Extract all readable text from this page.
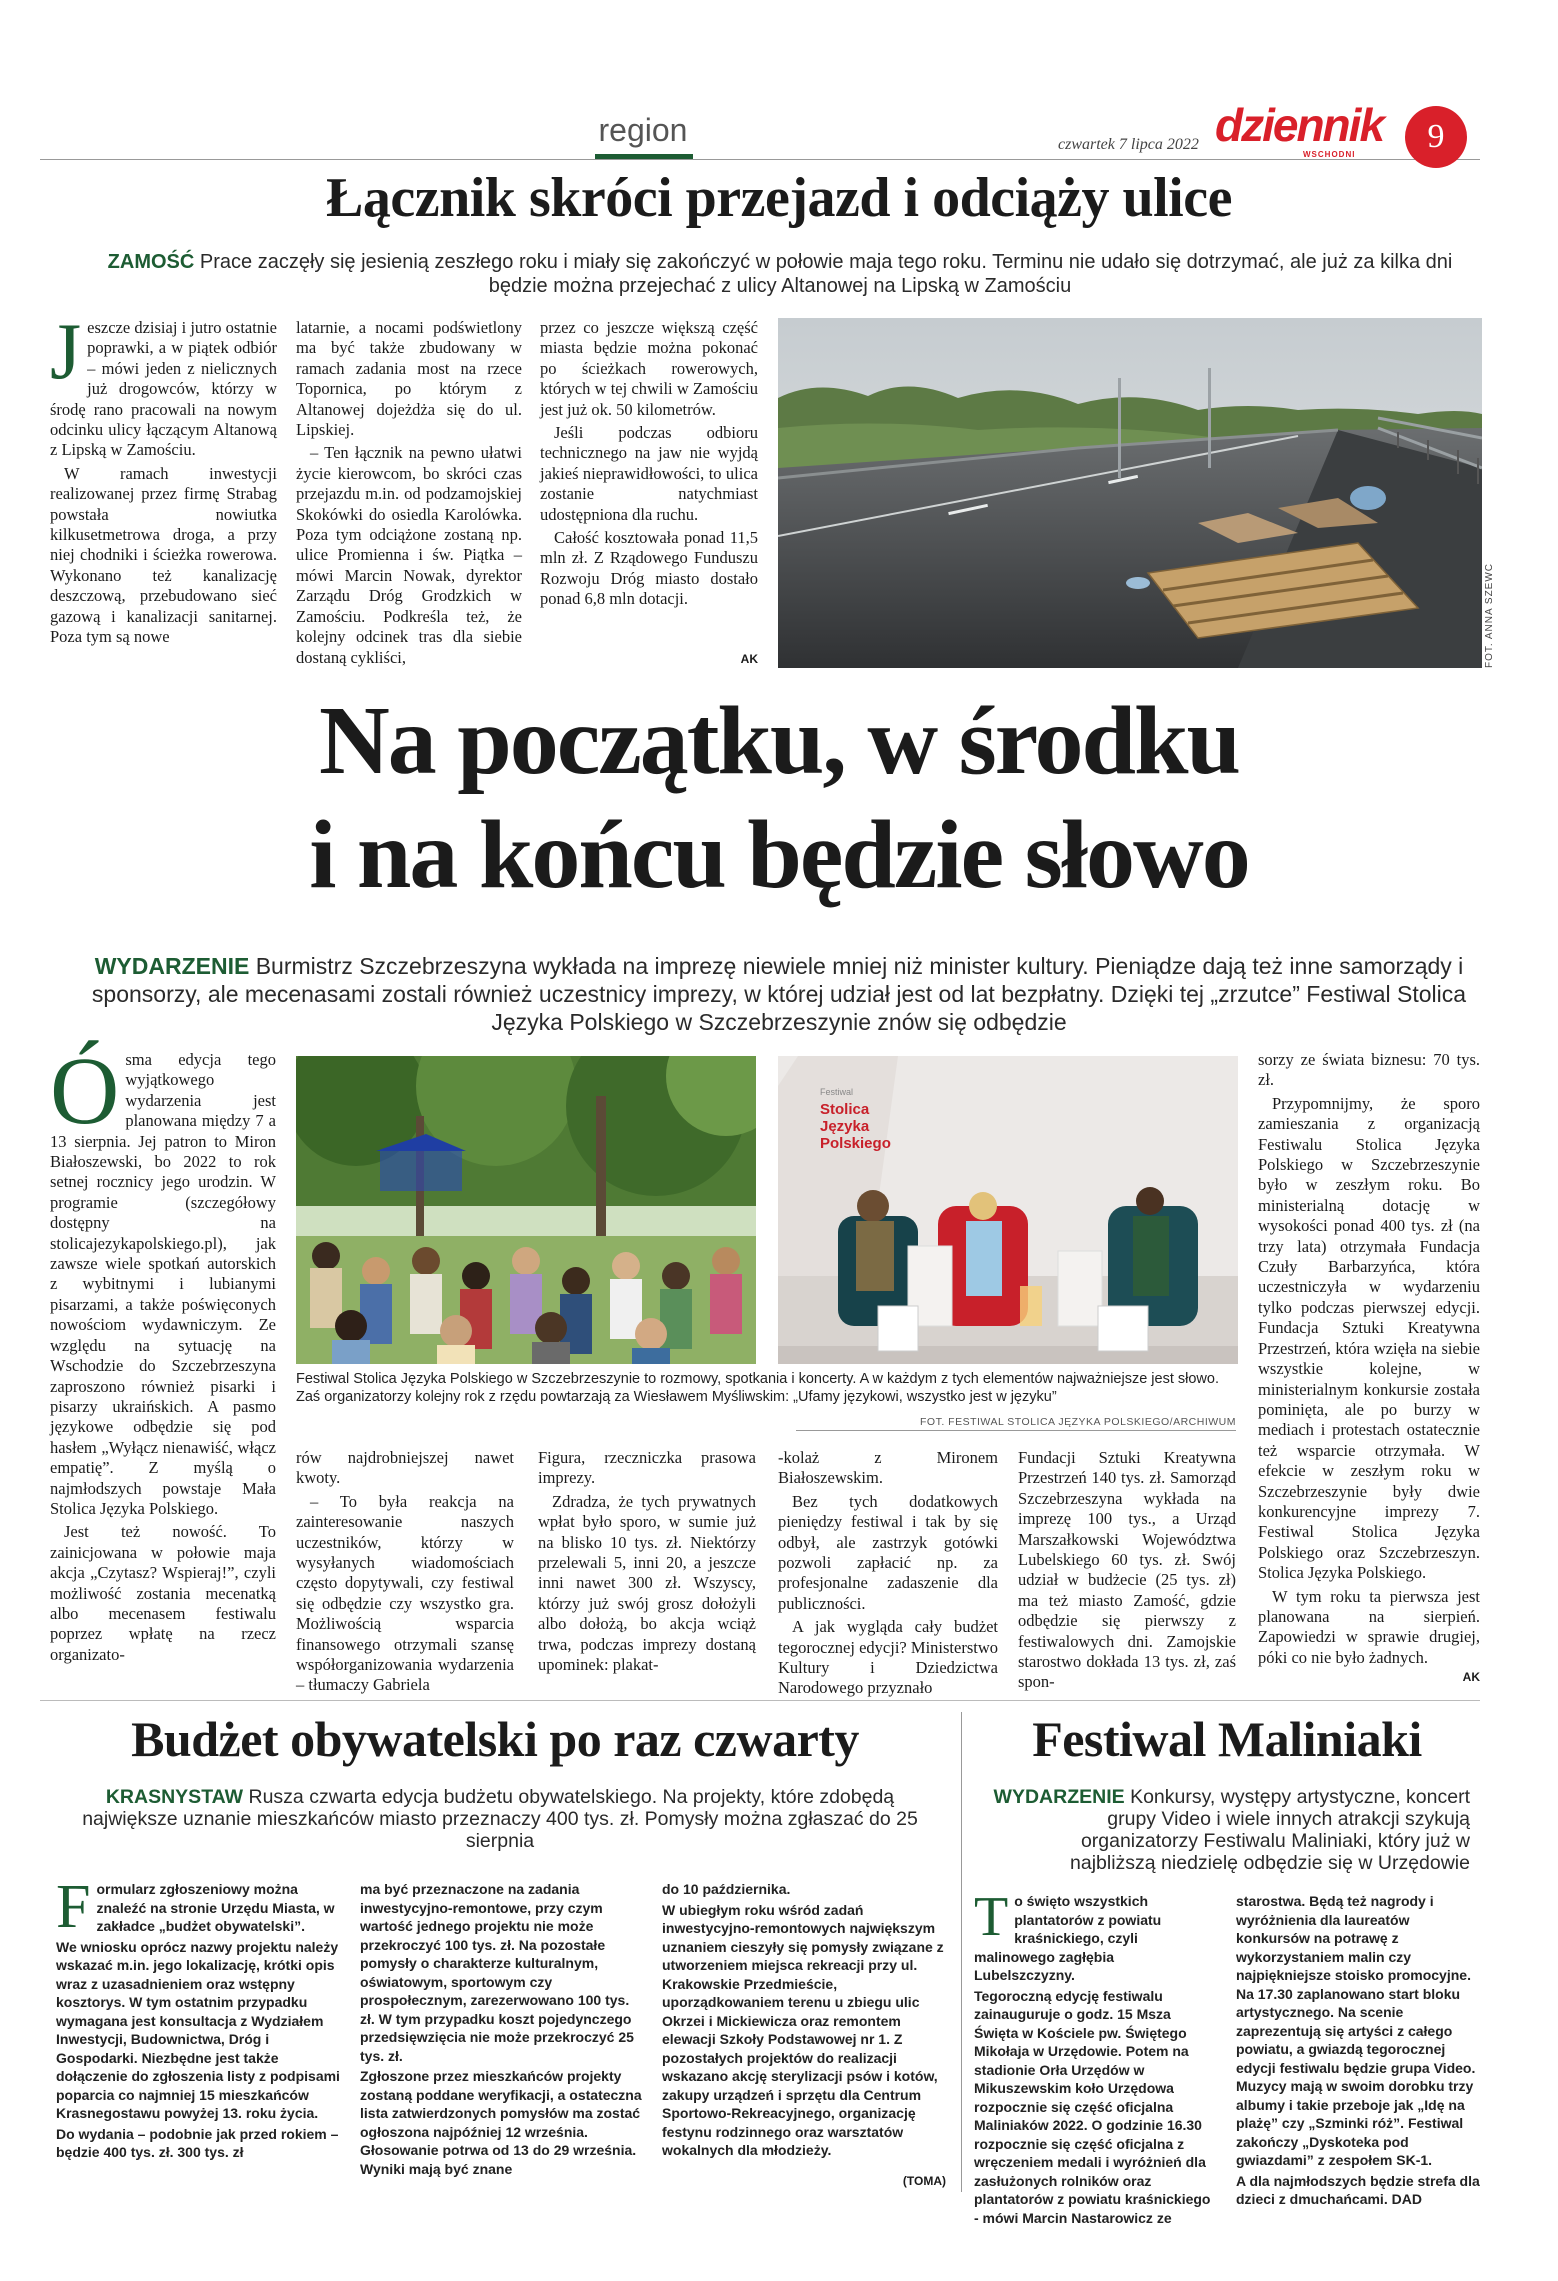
region	czwartek 7 lipca 2022 dziennik
WSCHODNI	9
Łącznik skróci przejazd i odciąży ulice
ZAMOŚĆ Prace zaczęły się jesienią zeszłego roku i miały się zakończyć w połowie maja tego roku. Terminu nie udało się dotrzymać, ale już za kilka dni będzie można przejechać z ulicy Altanowej na Lipską w Zamościu
J eszcze dzisiaj i jutro ostatnie poprawki, a w piątek odbiór – mówi jeden z nielicznych już drogowców, którzy w środę rano pracowali na nowym odcinku ulicy łączącym Altanową z Lipską w Zamościu.

W ramach inwestycji realizowanej przez firmę Strabag powstała nowiutka kilkusetmetrowa droga, a przy niej chodniki i ścieżka rowerowa. Wykonano też kanalizację deszczową, przebudowano sieć gazową i kanalizacji sanitarnej. Poza tym są nowe

latarnie, a nocami podświetlony ma być także zbudowany w ramach zadania most na rzece Topornica, po którym z Altanowej dojeżdża się do ul. Lipskiej.

– Ten łącznik na pewno ułatwi życie kierowcom, bo skróci czas przejazdu m.in. od podzamojskiej Skokówki do osiedla Karolówka. Poza tym odciążone zostaną np. ulice Promienna i św. Piątka – mówi Marcin Nowak, dyrektor Zarządu Dróg Grodzkich w Zamościu. Podkreśla też, że kolejny odcinek tras dla siebie dostaną cykliści,

przez co jeszcze większą część miasta będzie można pokonać po ścieżkach rowerowych, których w tej chwili w Zamościu jest już ok. 50 kilometrów.

Jeśli podczas odbioru technicznego na jaw nie wyjdą jakieś nieprawidłowości, to ulica zostanie natychmiast udostępniona dla ruchu.

Całość kosztowała ponad 11,5 mln zł. Z Rządowego Funduszu Rozwoju Dróg miasto dostało ponad 6,8 mln dotacji.

AK	FOT. ANNA SZEWC
Na początku, w środku
i na końcu będzie słowo
WYDARZENIE Burmistrz Szczebrzeszyna wykłada na imprezę niewiele mniej niż minister kultury. Pieniądze dają też inne samorządy i sponsorzy, ale mecenasami zostali również uczestnicy imprezy, w której udział jest od lat bezpłatny. Dzięki tej „zrzutce” Festiwal Stolica Języka Polskiego w Szczebrzeszynie znów się odbędzie
Ó sma edycja tego wyjątkowego wydarzenia jest planowana między 7 a 13 sierpnia. Jej patron to Miron Białoszewski, bo 2022 to rok setnej rocznicy jego urodzin. W programie (szczegółowy dostępny na stolicajezykapolskiego.pl), jak zawsze wiele spotkań autorskich z wybitnymi i lubianymi pisarzami, a także poświęconych nowościom wydawniczym. Ze względu na sytuację na Wschodzie do Szczebrzeszyna zaproszono również pisarki i pisarzy ukraińskich. A pasmo językowe odbędzie się pod hasłem „Wyłącz nienawiść, włącz empatię”. Z myślą o najmłodszych powstaje Mała Stolica Języka Polskiego.

Jest też nowość. To zainicjowana w połowie maja akcja „Czytasz? Wspieraj!”, czyli możliwość zostania mecenatką albo mecenasem festiwalu poprzez wpłatę na rzecz organizato-

Festiwal
Stolica
Języka
Polskiego
Festiwal Stolica Języka Polskiego w Szczebrzeszynie to rozmowy, spotkania i koncerty. A w każdym z tych elementów najważniejsze jest słowo. Zaś organizatorzy kolejny rok z rzędu powtarzają za Wiesławem Myśliwskim: „Ufamy językowi, wszystko jest w języku”
FOT. FESTIWAL STOLICA JĘZYKA POLSKIEGO/ARCHIWUM

rów najdrobniejszej nawet kwoty.

– To była reakcja na zainteresowanie naszych uczestników, którzy w wysyłanych wiadomościach często dopytywali, czy festiwal się odbędzie czy wszystko gra. Możliwością wsparcia finansowego otrzymali szansę współorganizowania wydarzenia – tłumaczy Gabriela

Figura, rzeczniczka prasowa imprezy.

Zdradza, że tych prywatnych wpłat było sporo, w sumie już na blisko 10 tys. zł. Niektórzy przelewali 5, inni 20, a jeszcze inni nawet 300 zł. Wszyscy, którzy już swój grosz dołożyli albo dołożą, bo akcja wciąż trwa, podczas imprezy dostaną upominek: plakat-

-kolaż z Mironem Białoszewskim.

Bez tych dodatkowych pieniędzy festiwal i tak by się odbył, ale zastrzyk gotówki pozwoli zapłacić np. za profesjonalne zadaszenie dla publiczności.

A jak wygląda cały budżet tegorocznej edycji? Ministerstwo Kultury i Dziedzictwa Narodowego przyznało

Fundacji Sztuki Kreatywna Przestrzeń 140 tys. zł. Samorząd Szczebrzeszyna wykłada na imprezę 100 tys., a Urząd Marszałkowski Województwa Lubelskiego 60 tys. zł. Swój udział w budżecie (25 tys. zł) ma też miasto Zamość, gdzie odbędzie się pierwszy z festiwalowych dni. Zamojskie starostwo dokłada 13 tys. zł, zaś spon-

sorzy ze świata biznesu: 70 tys. zł.

Przypomnijmy, że sporo zamieszania z organizacją Festiwalu Stolica Języka Polskiego w Szczebrzeszynie było w zeszłym roku. Bo ministerialną dotację w wysokości ponad 400 tys. zł (na trzy lata) otrzymała Fundacja Czuły Barbarzyńca, która uczestniczyła w wydarzeniu tylko podczas pierwszej edycji. Fundacja Sztuki Kreatywna Przestrzeń, która wzięła na siebie wszystkie kolejne, w ministerialnym konkursie została pominięta, ale po burzy w mediach i protestach ostatecznie też wsparcie otrzymała. W efekcie w zeszłym roku w Szczebrzeszynie były dwie konkurencyjne imprezy 7. Festiwal Stolica Języka Polskiego oraz Szczebrzeszyn. Stolica Języka Polskiego.

W tym roku ta pierwsza jest planowana na sierpień. Zapowiedzi w sprawie drugiej, póki co nie było żadnych.

AK
Budżet obywatelski po raz czwarty
KRASNYSTAW Rusza czwarta edycja budżetu obywatelskiego. Na projekty, które zdobędą największe uznanie mieszkańców miasto przeznaczy 400 tys. zł. Pomysły można zgłaszać do 25 sierpnia
F ormularz zgłoszeniowy można znaleźć na stronie Urzędu Miasta, w zakładce „budżet obywatelski”.

We wniosku oprócz nazwy projektu należy wskazać m.in. jego lokalizację, krótki opis wraz z uzasadnieniem oraz wstępny kosztorys. W tym ostatnim przypadku wymagana jest konsultacja z Wydziałem Inwestycji, Budownictwa, Dróg i Gospodarki. Niezbędne jest także dołączenie do zgłoszenia listy z podpisami poparcia co najmniej 15 mieszkańców Krasnegostawu powyżej 13. roku życia.

Do wydania – podobnie jak przed rokiem – będzie 400 tys. zł. 300 tys. zł

ma być przeznaczone na zadania inwestycyjno-remontowe, przy czym wartość jednego projektu nie może przekroczyć 100 tys. zł. Na pozostałe pomysły o charakterze kulturalnym, oświatowym, sportowym czy prospołecznym, zarezerwowano 100 tys. zł. W tym przypadku koszt pojedynczego przedsięwzięcia nie może przekroczyć 25 tys. zł.

Zgłoszone przez mieszkańców projekty zostaną poddane weryfikacji, a ostateczna lista zatwierdzonych pomysłów ma zostać ogłoszona najpóźniej 12 września. Głosowanie potrwa od 13 do 29 września. Wyniki mają być znane

do 10 października.

W ubiegłym roku wśród zadań inwestycyjno-remontowych największym uznaniem cieszyły się pomysły związane z utworzeniem miejsca rekreacji przy ul. Krakowskie Przedmieście, uporządkowaniem terenu u zbiegu ulic Okrzei i Mickiewicza oraz remontem elewacji Szkoły Podstawowej nr 1. Z pozostałych projektów do realizacji wskazano akcję sterylizacji psów i kotów, zakupy urządzeń i sprzętu dla Centrum Sportowo-Rekreacyjnego, organizację festynu rodzinnego oraz warsztatów wokalnych dla młodzieży.

(TOMA)
Festiwal Maliniaki
WYDARZENIE Konkursy, występy artystyczne, koncert grupy Video i wiele innych atrakcji szykują organizatorzy Festiwalu Maliniaki, który już w najbliższą niedzielę odbędzie się w Urzędowie
T o święto wszystkich plantatorów z powiatu kraśnickiego, czyli malinowego zagłębia Lubelszczyzny.

Tegoroczną edycję festiwalu zainauguruje o godz. 15 Msza Święta w Kościele pw. Świętego Mikołaja w Urzędowie. Potem na stadionie Orła Urzędów w Mikuszewskim koło Urzędowa rozpocznie się część oficjalna Maliniaków 2022. O godzinie 16.30 rozpocznie się część oficjalna z wręczeniem medali i wyróżnień dla zasłużonych rolników oraz plantatorów z powiatu kraśnickiego - mówi Marcin Nastarowicz ze

starostwa. Będą też nagrody i wyróżnienia dla laureatów konkursów na potrawę z wykorzystaniem malin czy najpiękniejsze stoisko promocyjne. Na 17.30 zaplanowano start bloku artystycznego. Na scenie zaprezentują się artyści z całego powiatu, a gwiazdą tegorocznej edycji festiwalu będzie grupa Video. Muzycy mają w swoim dorobku trzy albumy i takie przeboje jak „Idę na plażę” czy „Szminki róż”. Festiwal zakończy „Dyskoteka pod gwiazdami” z zespołem SK-1.

A dla najmłodszych będzie strefa dla dzieci z dmuchańcami. DAD
